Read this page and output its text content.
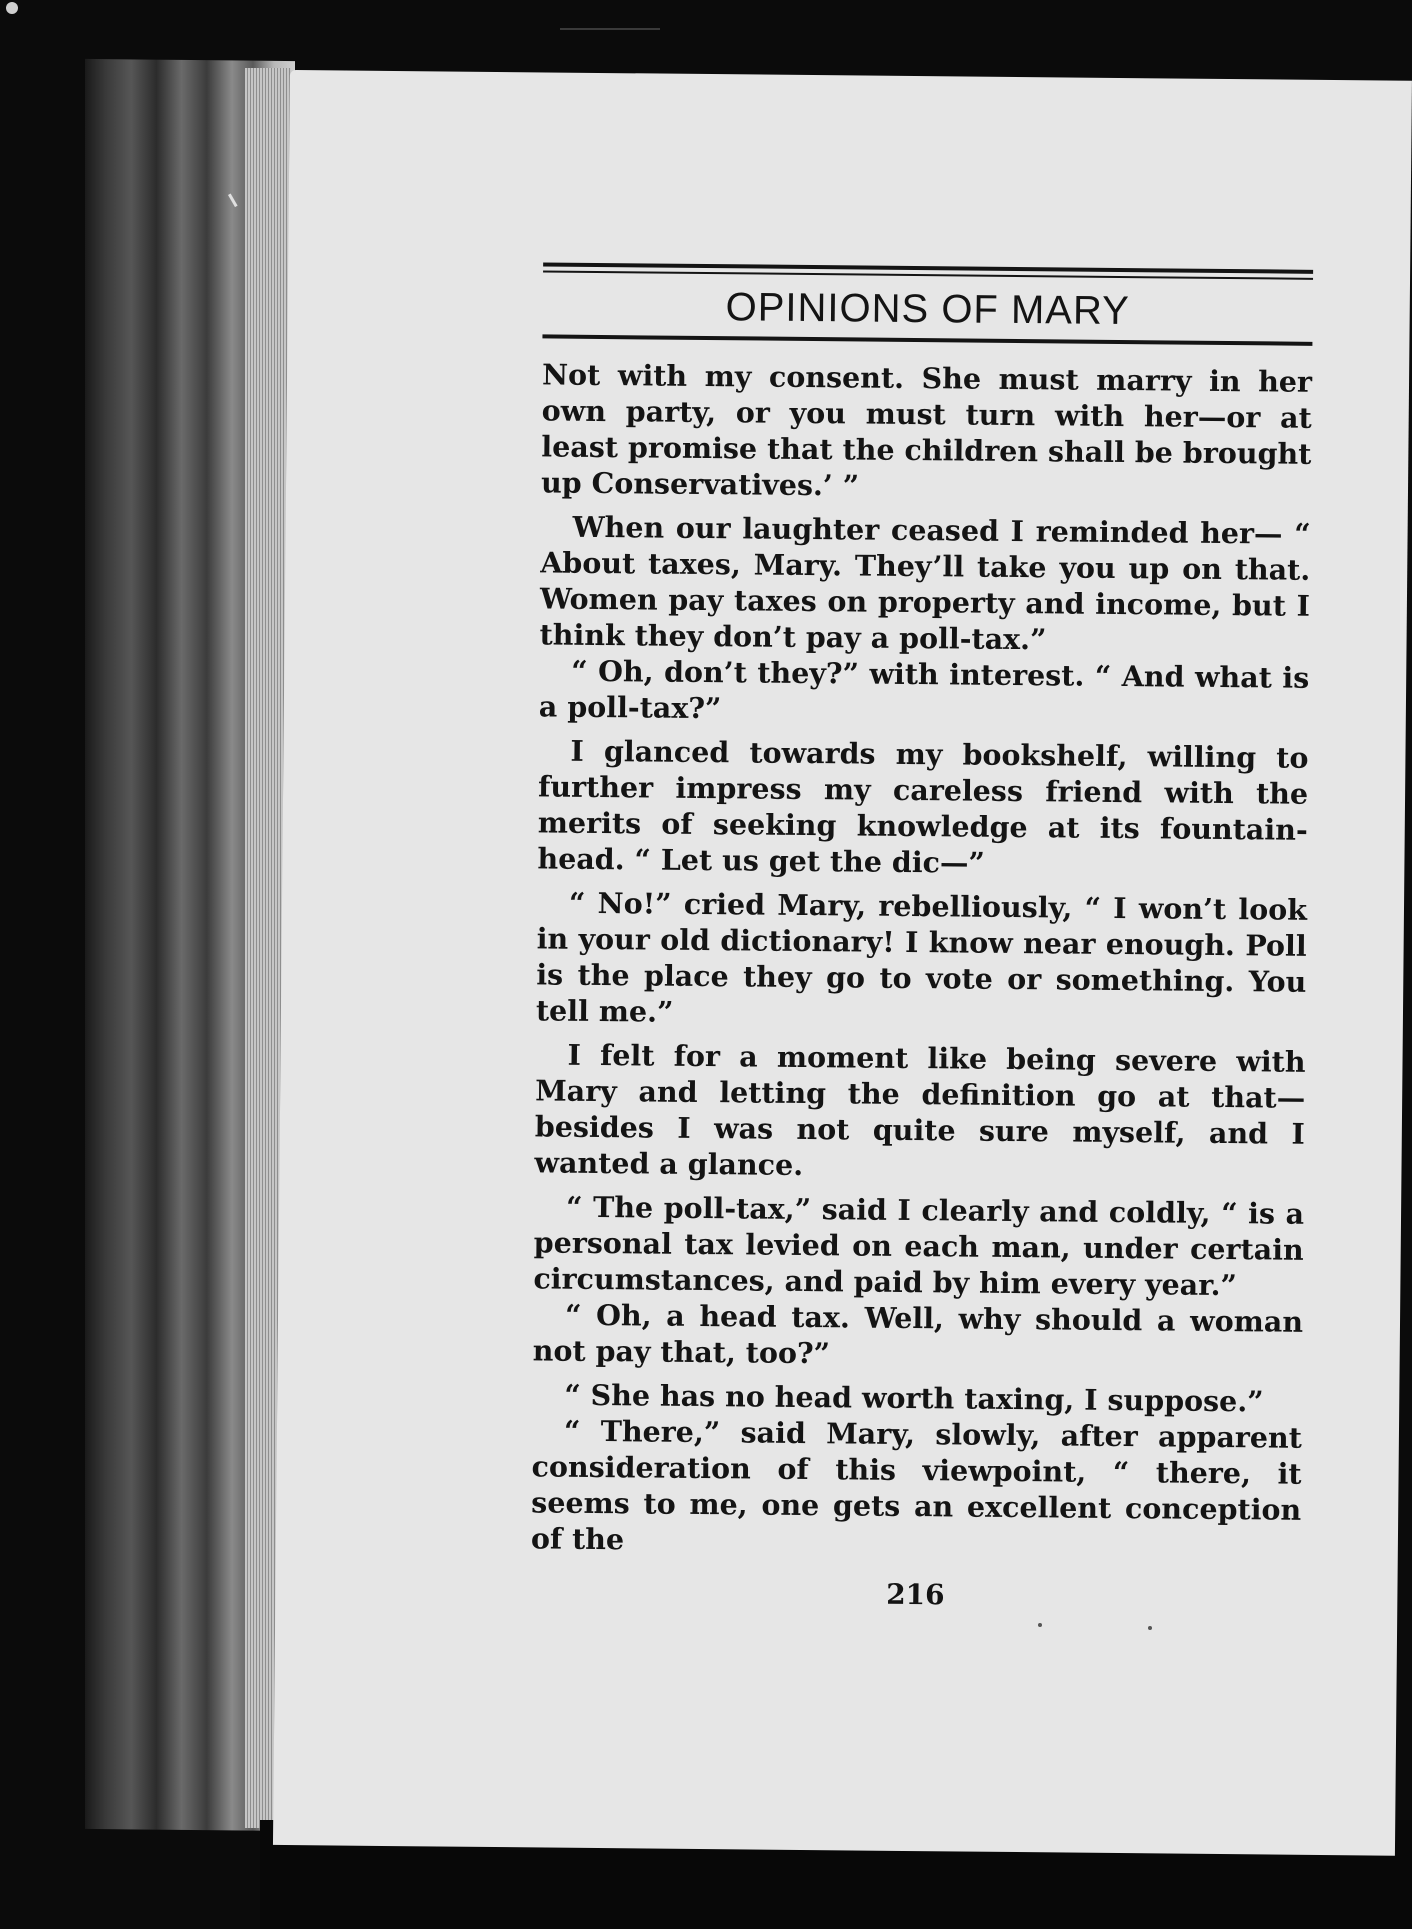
OPINIONS OF MARY

Not with my consent. She must marry in her own party, or you must turn with her—or at least promise that the children shall be brought up Conservatives.’ ”

When our laughter ceased I reminded her— “ About taxes, Mary. They’ll take you up on that. Women pay taxes on property and income, but I think they don’t pay a poll-tax.”

“ Oh, don’t they?” with interest. “ And what is a poll-tax?”

I glanced towards my bookshelf, willing to further impress my careless friend with the merits of seeking knowledge at its fountain-head. “ Let us get the dic—”

“ No!” cried Mary, rebelliously, “ I won’t look in your old dictionary! I know near enough. Poll is the place they go to vote or something. You tell me.”

I felt for a moment like being severe with Mary and letting the definition go at that— besides I was not quite sure myself, and I wanted a glance.

“ The poll-tax,” said I clearly and coldly, “ is a personal tax levied on each man, under certain circumstances, and paid by him every year.”

“ Oh, a head tax. Well, why should a woman not pay that, too?”

“ She has no head worth taxing, I suppose.”

“ There,” said Mary, slowly, after apparent consideration of this viewpoint, “ there, it seems to me, one gets an excellent conception of the

216
